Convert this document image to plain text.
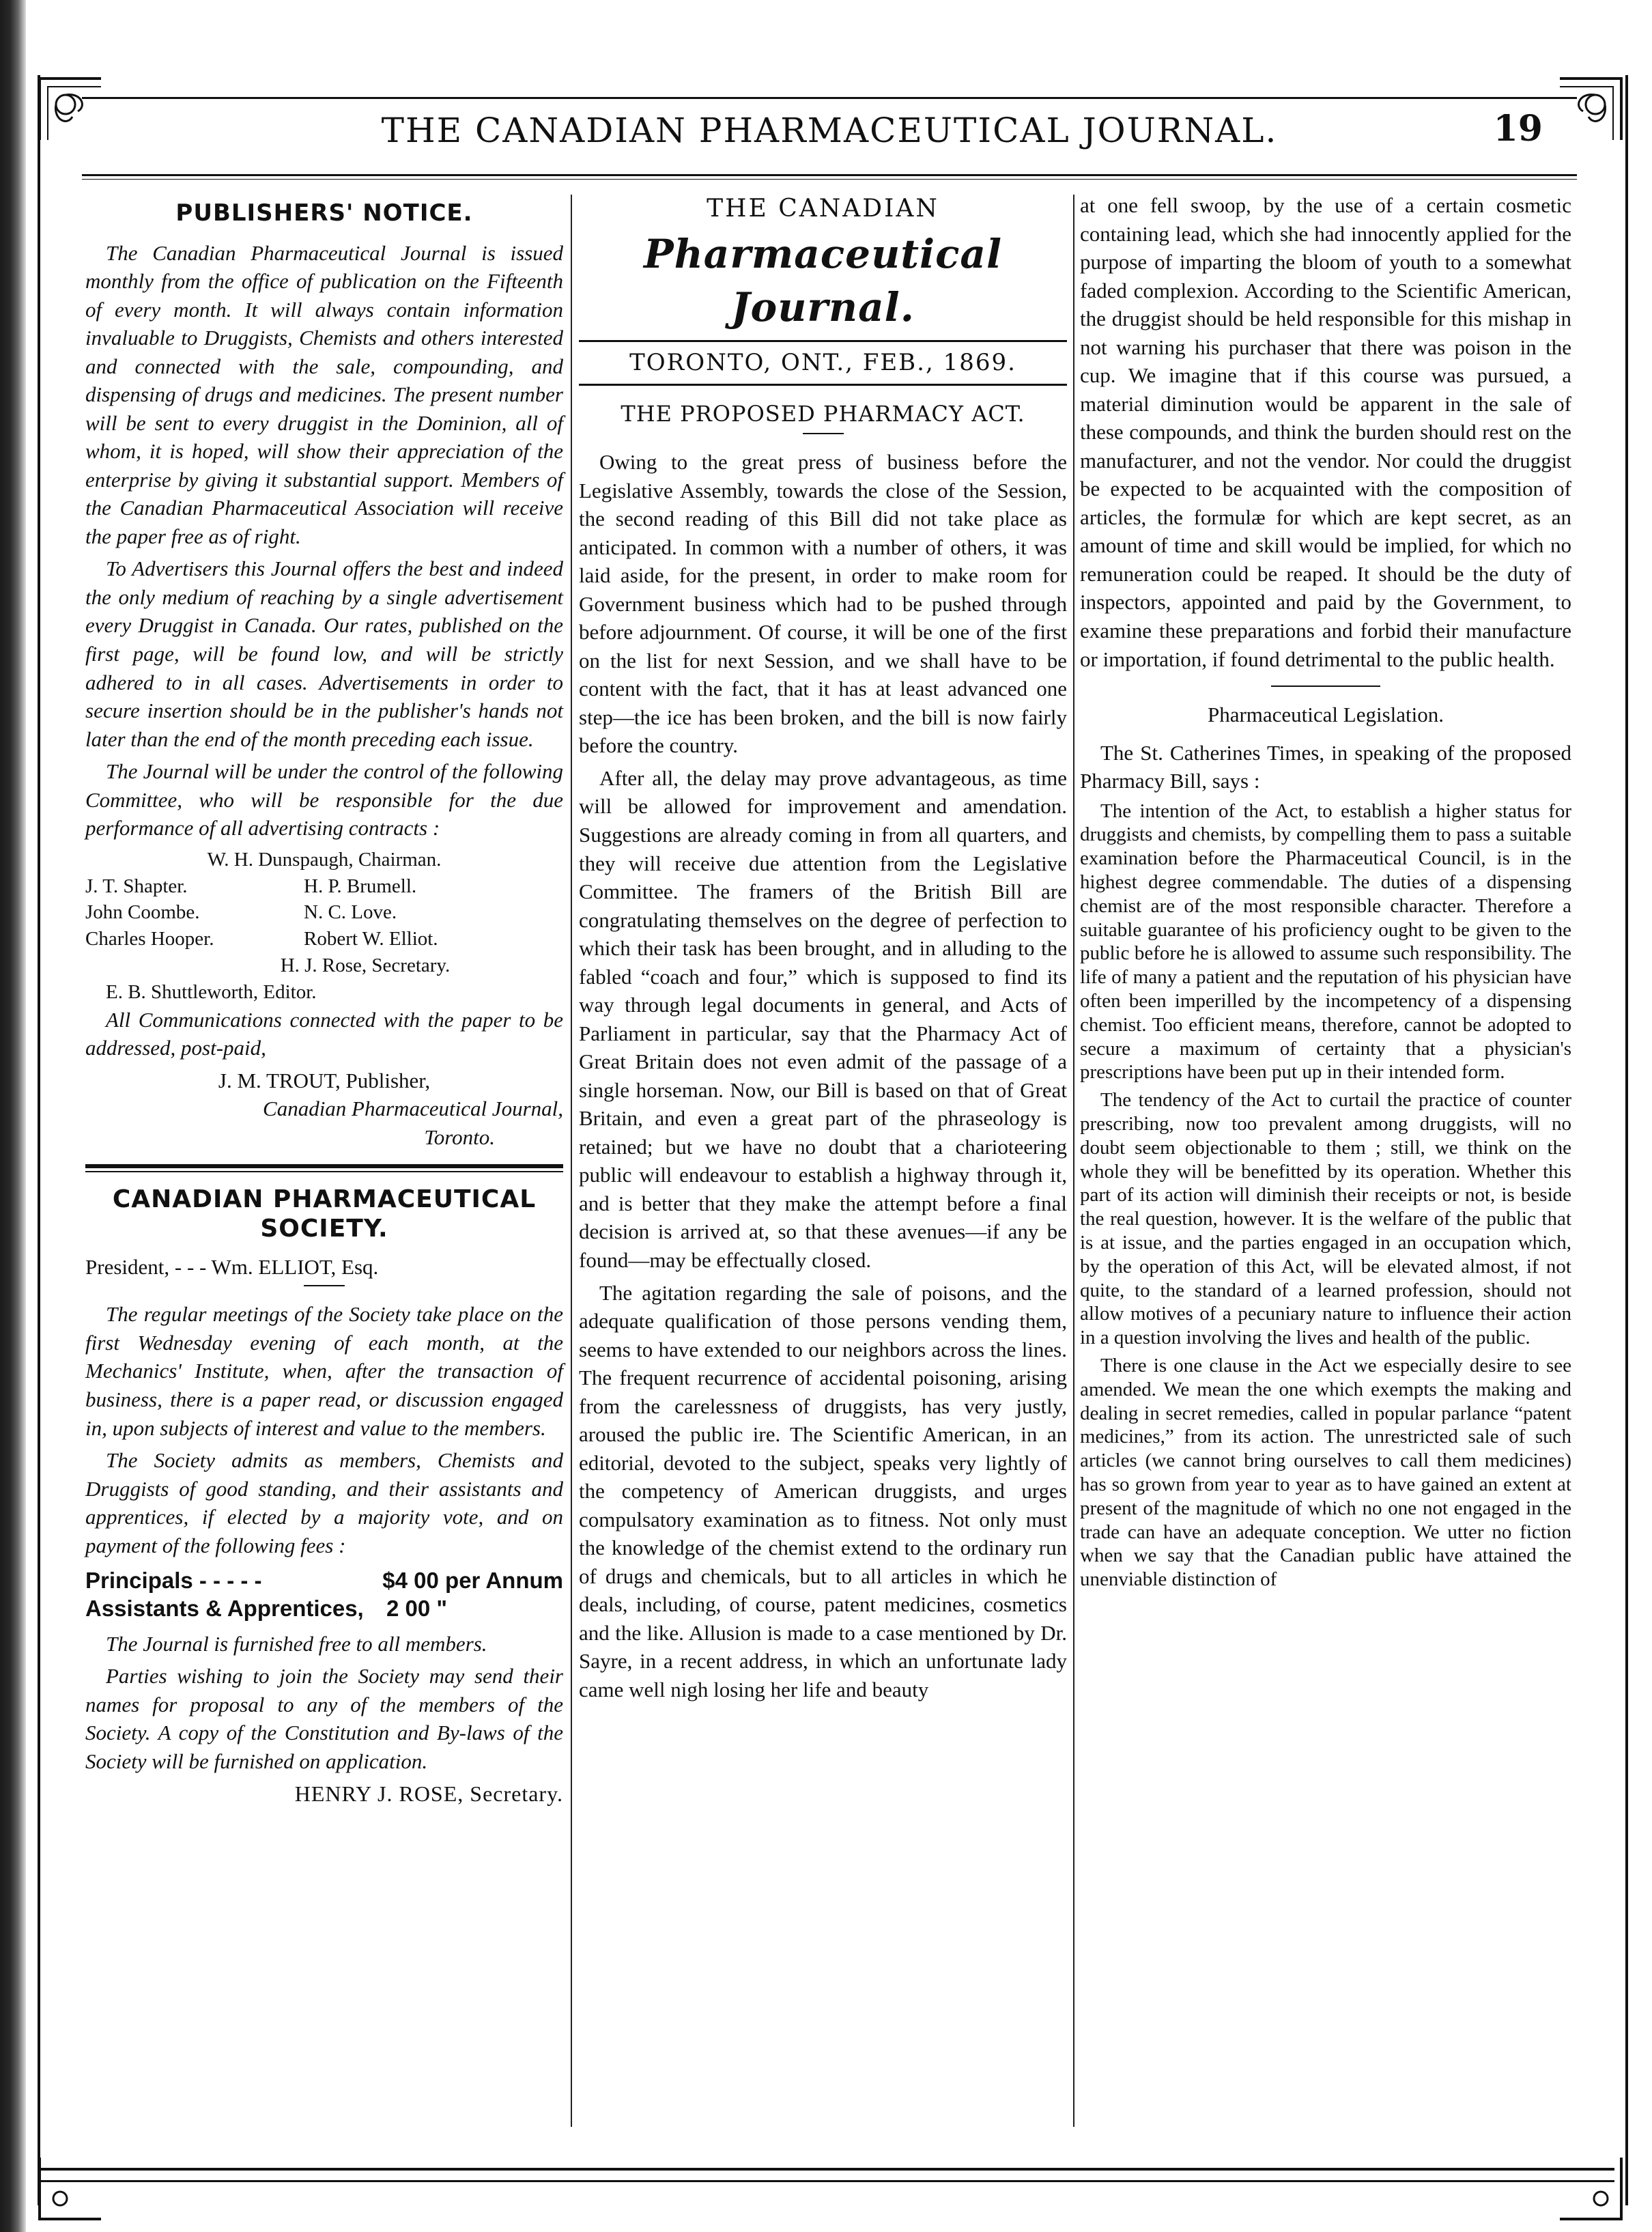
THE CANADIAN PHARMACEUTICAL JOURNAL.	19
PUBLISHERS' NOTICE.

The Canadian Pharmaceutical Journal is issued monthly from the office of publication on the Fifteenth of every month. It will always contain information invaluable to Druggists, Chemists and others interested and connected with the sale, compounding, and dispensing of drugs and medicines. The present number will be sent to every druggist in the Dominion, all of whom, it is hoped, will show their appreciation of the enterprise by giving it substantial support. Members of the Canadian Pharmaceutical Association will receive the paper free as of right.

To Advertisers this Journal offers the best and indeed the only medium of reaching by a single advertisement every Druggist in Canada. Our rates, published on the first page, will be found low, and will be strictly adhered to in all cases. Advertisements in order to secure insertion should be in the publisher's hands not later than the end of the month preceding each issue.

The Journal will be under the control of the following Committee, who will be responsible for the due performance of all advertising contracts :

W. H. Dunspaugh, Chairman.
J. T. Shapter.	H. P. Brumell.
John Coombe.	N. C. Love.
Charles Hooper.	Robert W. Elliot.
H. J. Rose, Secretary.
E. B. Shuttleworth, Editor.

All Communications connected with the paper to be addressed, post-paid,

J. M. TROUT, Publisher,
Canadian Pharmaceutical Journal,
Toronto.
CANADIAN PHARMACEUTICAL
SOCIETY.

President, - - - Wm. ELLIOT, Esq.

The regular meetings of the Society take place on the first Wednesday evening of each month, at the Mechanics' Institute, when, after the transaction of business, there is a paper read, or discussion engaged in, upon subjects of interest and value to the members.

The Society admits as members, Chemists and Druggists of good standing, and their assistants and apprentices, if elected by a majority vote, and on payment of the following fees :

Principals - - - - -	$4 00 per Annum
Assistants & Apprentices, 2 00 "

The Journal is furnished free to all members.

Parties wishing to join the Society may send their names for proposal to any of the members of the Society. A copy of the Constitution and By-laws of the Society will be furnished on application.

HENRY J. ROSE, Secretary.
THE CANADIAN
Pharmaceutical Journal.
TORONTO, ONT., FEB., 1869.
THE PROPOSED PHARMACY ACT.

Owing to the great press of business before the Legislative Assembly, towards the close of the Session, the second reading of this Bill did not take place as anticipated. In common with a number of others, it was laid aside, for the present, in order to make room for Government business which had to be pushed through before adjournment. Of course, it will be one of the first on the list for next Session, and we shall have to be content with the fact, that it has at least advanced one step—the ice has been broken, and the bill is now fairly before the country.

After all, the delay may prove advantageous, as time will be allowed for improvement and amendation. Suggestions are already coming in from all quarters, and they will receive due attention from the Legislative Committee. The framers of the British Bill are congratulating themselves on the degree of perfection to which their task has been brought, and in alluding to the fabled “coach and four,” which is supposed to find its way through legal documents in general, and Acts of Parliament in particular, say that the Pharmacy Act of Great Britain does not even admit of the passage of a single horseman. Now, our Bill is based on that of Great Britain, and even a great part of the phraseology is retained; but we have no doubt that a charioteering public will endeavour to establish a highway through it, and is better that they make the attempt before a final decision is arrived at, so that these avenues—if any be found—may be effectually closed.

The agitation regarding the sale of poisons, and the adequate qualification of those persons vending them, seems to have extended to our neighbors across the lines. The frequent recurrence of accidental poisoning, arising from the carelessness of druggists, has very justly, aroused the public ire. The Scientific American, in an editorial, devoted to the subject, speaks very lightly of the competency of American druggists, and urges compulsatory examination as to fitness. Not only must the knowledge of the chemist extend to the ordinary run of drugs and chemicals, but to all articles in which he deals, including, of course, patent medicines, cosmetics and the like. Allusion is made to a case mentioned by Dr. Sayre, in a recent address, in which an unfortunate lady came well nigh losing her life and beauty

at one fell swoop, by the use of a certain cosmetic containing lead, which she had innocently applied for the purpose of imparting the bloom of youth to a somewhat faded complexion. According to the Scientific American, the druggist should be held responsible for this mishap in not warning his purchaser that there was poison in the cup. We imagine that if this course was pursued, a material diminution would be apparent in the sale of these compounds, and think the burden should rest on the manufacturer, and not the vendor. Nor could the druggist be expected to be acquainted with the composition of articles, the formulæ for which are kept secret, as an amount of time and skill would be implied, for which no remuneration could be reaped. It should be the duty of inspectors, appointed and paid by the Government, to examine these preparations and forbid their manufacture or importation, if found detrimental to the public health.

Pharmaceutical Legislation.

The St. Catherines Times, in speaking of the proposed Pharmacy Bill, says :

The intention of the Act, to establish a higher status for druggists and chemists, by compelling them to pass a suitable examination before the Pharmaceutical Council, is in the highest degree commendable. The duties of a dispensing chemist are of the most responsible character. Therefore a suitable guarantee of his proficiency ought to be given to the public before he is allowed to assume such responsibility. The life of many a patient and the reputation of his physician have often been imperilled by the incompetency of a dispensing chemist. Too efficient means, therefore, cannot be adopted to secure a maximum of certainty that a physician's prescriptions have been put up in their intended form.

The tendency of the Act to curtail the practice of counter prescribing, now too prevalent among druggists, will no doubt seem objectionable to them ; still, we think on the whole they will be benefitted by its operation. Whether this part of its action will diminish their receipts or not, is beside the real question, however. It is the welfare of the public that is at issue, and the parties engaged in an occupation which, by the operation of this Act, will be elevated almost, if not quite, to the standard of a learned profession, should not allow motives of a pecuniary nature to influence their action in a question involving the lives and health of the public.

There is one clause in the Act we especially desire to see amended. We mean the one which exempts the making and dealing in secret remedies, called in popular parlance “patent medicines,” from its action. The unrestricted sale of such articles (we cannot bring ourselves to call them medicines) has so grown from year to year as to have gained an extent at present of the magnitude of which no one not engaged in the trade can have an adequate conception. We utter no fiction when we say that the Canadian public have attained the unenviable distinction of
